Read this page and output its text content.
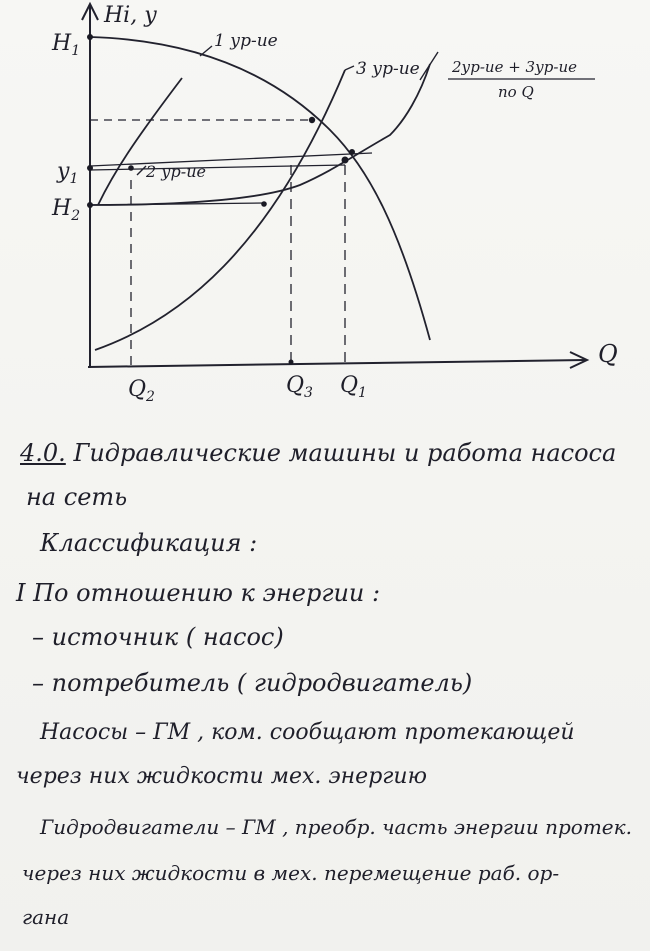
Hi, y
Q
$H_1$
$y_1$
$H_2$
$Q_2$	$Q_3$ $Q_1$
1 ур-ие
2 ур-ие
3 ур-ие 2ур-ие + 3ур-ие
по Q
4.0. Гидравлические машины и работа насоса
на сеть
Классификация :
I По отношению к энергии :
– источник ( насос)
– потребитель ( гидродвигатель)
Насосы – ГМ , ком. сообщают протекающей
через них жидкости мех. энергию
Гидродвигатели – ГМ , преобр. часть энергии протек.
через них жидкости в мех. перемещение раб. ор-
гана
